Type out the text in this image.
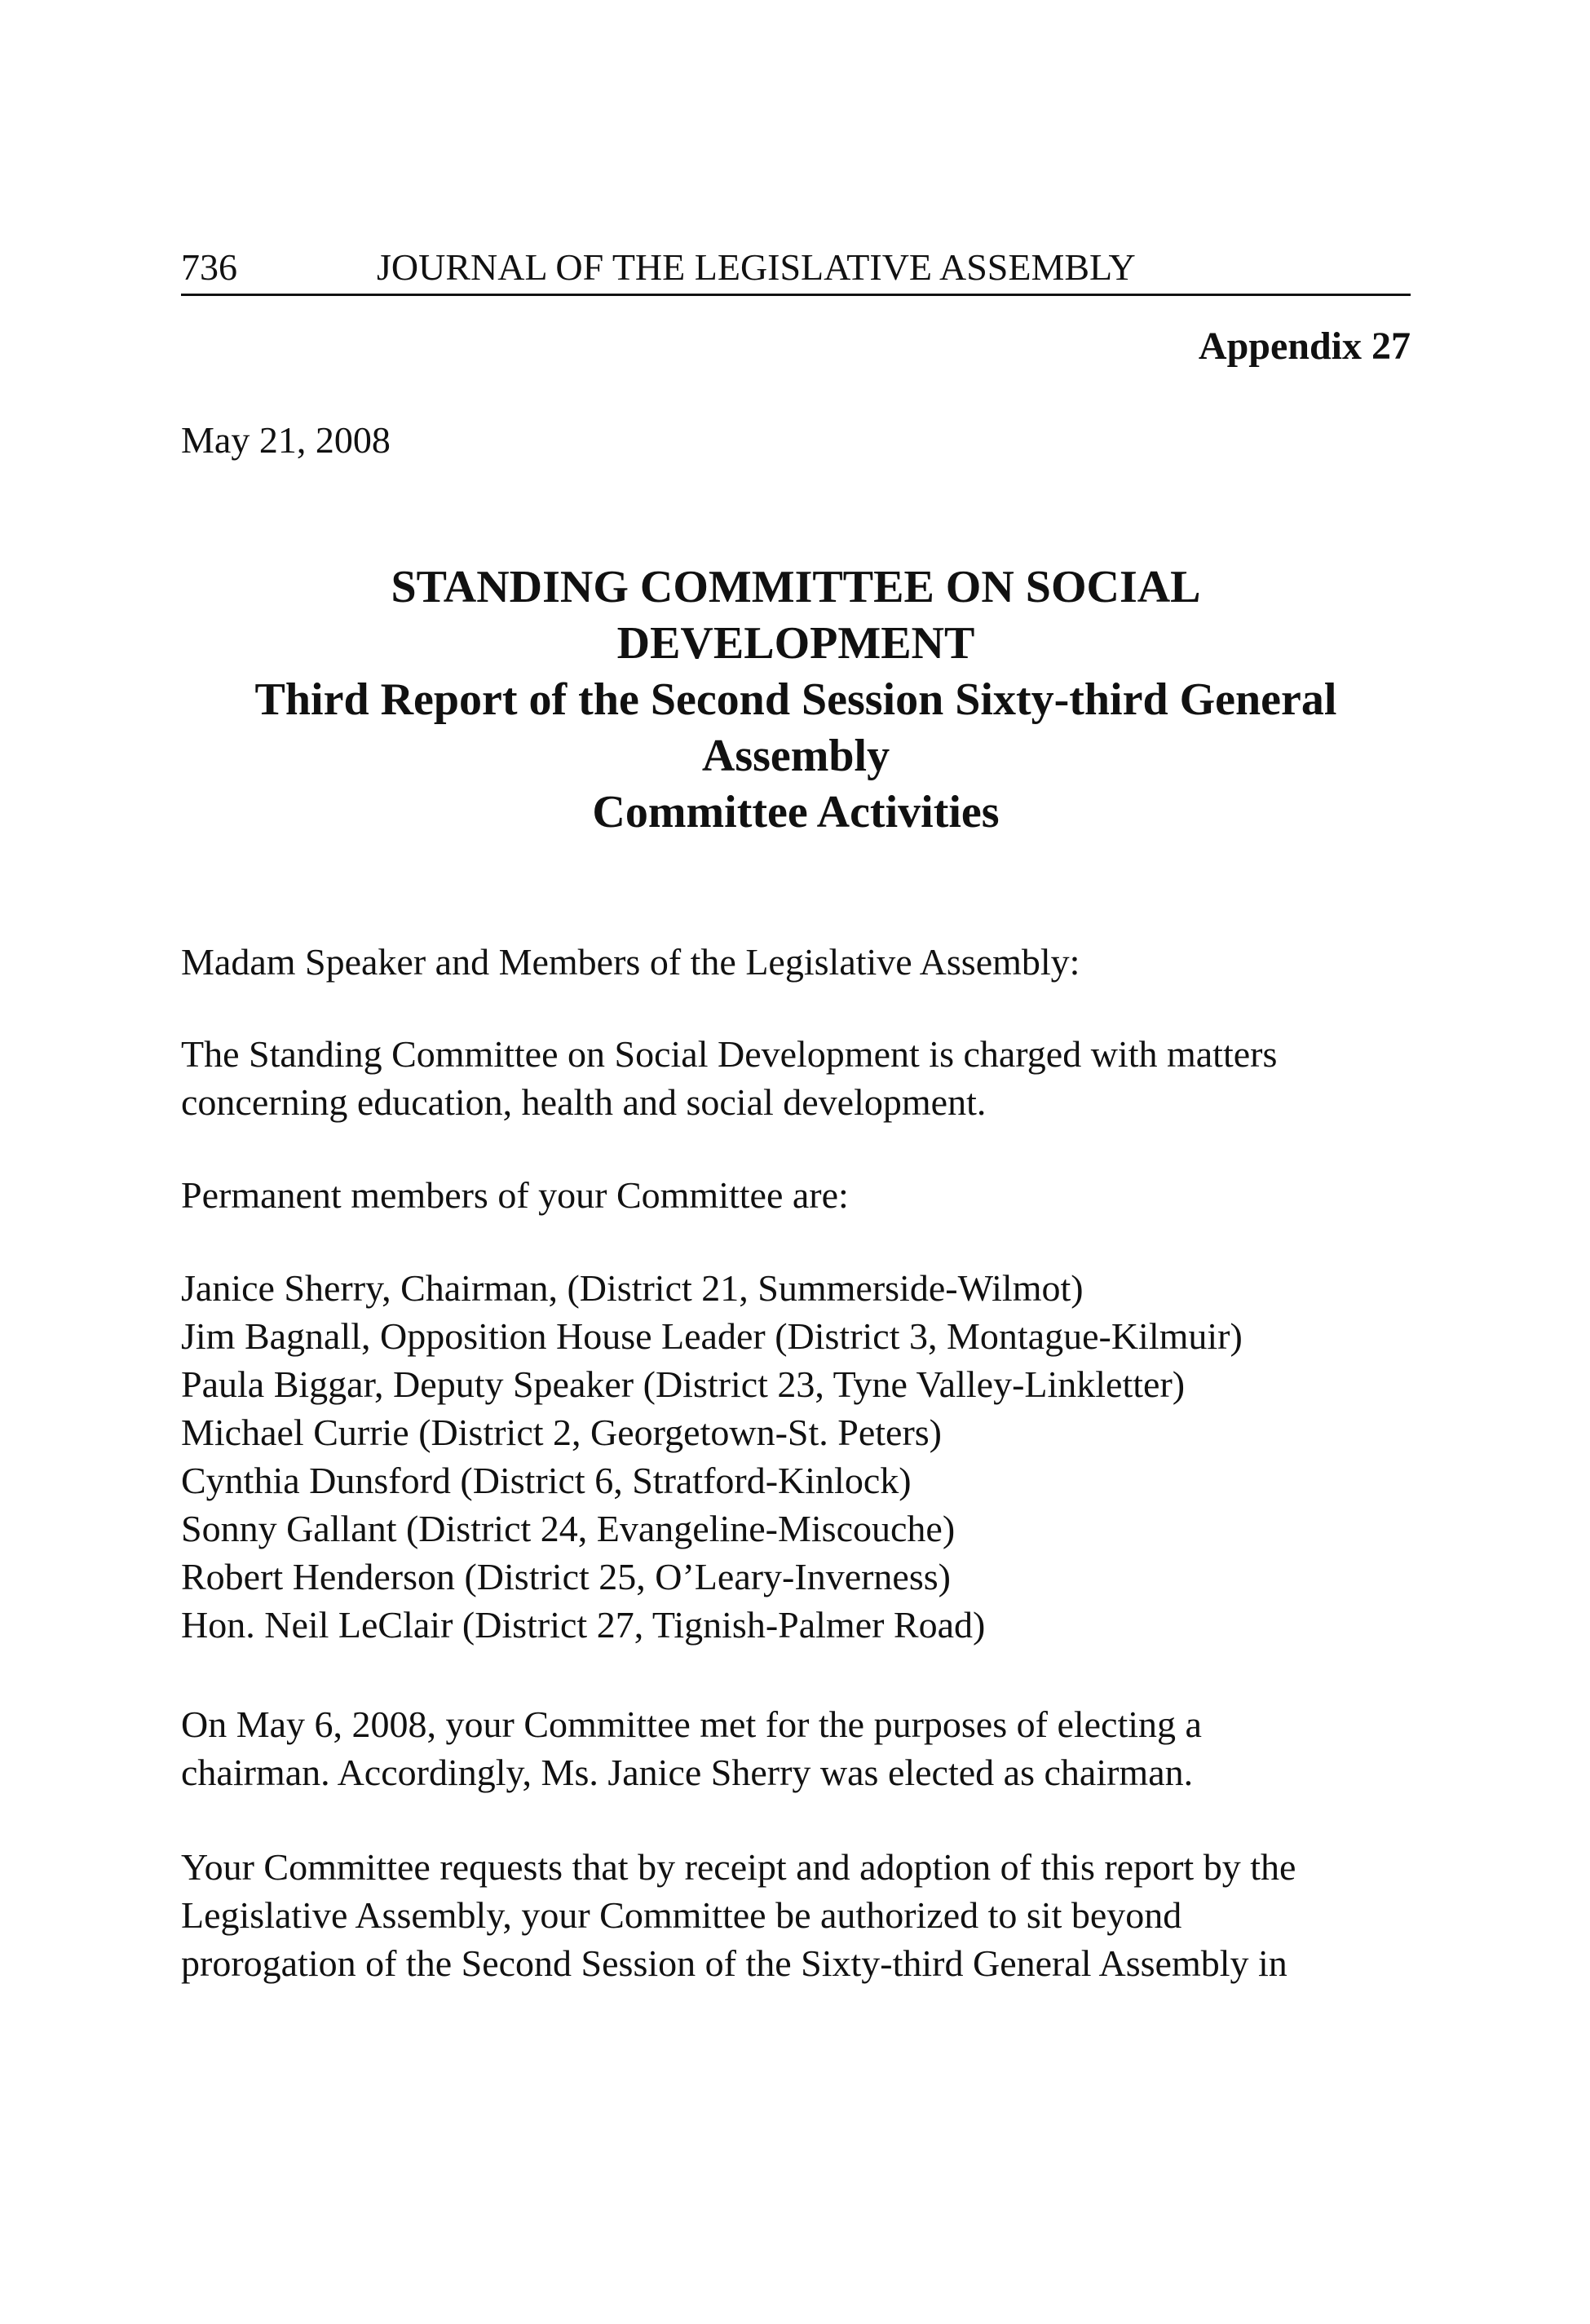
736	JOURNAL OF THE LEGISLATIVE ASSEMBLY
Appendix 27
May 21, 2008
STANDING COMMITTEE ON SOCIAL
DEVELOPMENT
Third Report of the Second Session Sixty-third General
Assembly
Committee Activities
Madam Speaker and Members of the Legislative Assembly:
The Standing Committee on Social Development is charged with matters
concerning education, health and social development.
Permanent members of your Committee are:
Janice Sherry, Chairman, (District 21, Summerside-Wilmot)
Jim Bagnall, Opposition House Leader (District 3, Montague-Kilmuir)
Paula Biggar, Deputy Speaker (District 23, Tyne Valley-Linkletter)
Michael Currie (District 2, Georgetown-St. Peters)
Cynthia Dunsford (District 6, Stratford-Kinlock)
Sonny Gallant (District 24, Evangeline-Miscouche)
Robert Henderson (District 25, O’Leary-Inverness)
Hon. Neil LeClair (District 27, Tignish-Palmer Road)
On May 6, 2008, your Committee met for the purposes of electing a
chairman. Accordingly, Ms. Janice Sherry was elected as chairman.
Your Committee requests that by receipt and adoption of this report by the
Legislative Assembly, your Committee be authorized to sit beyond
prorogation of the Second Session of the Sixty-third General Assembly in
